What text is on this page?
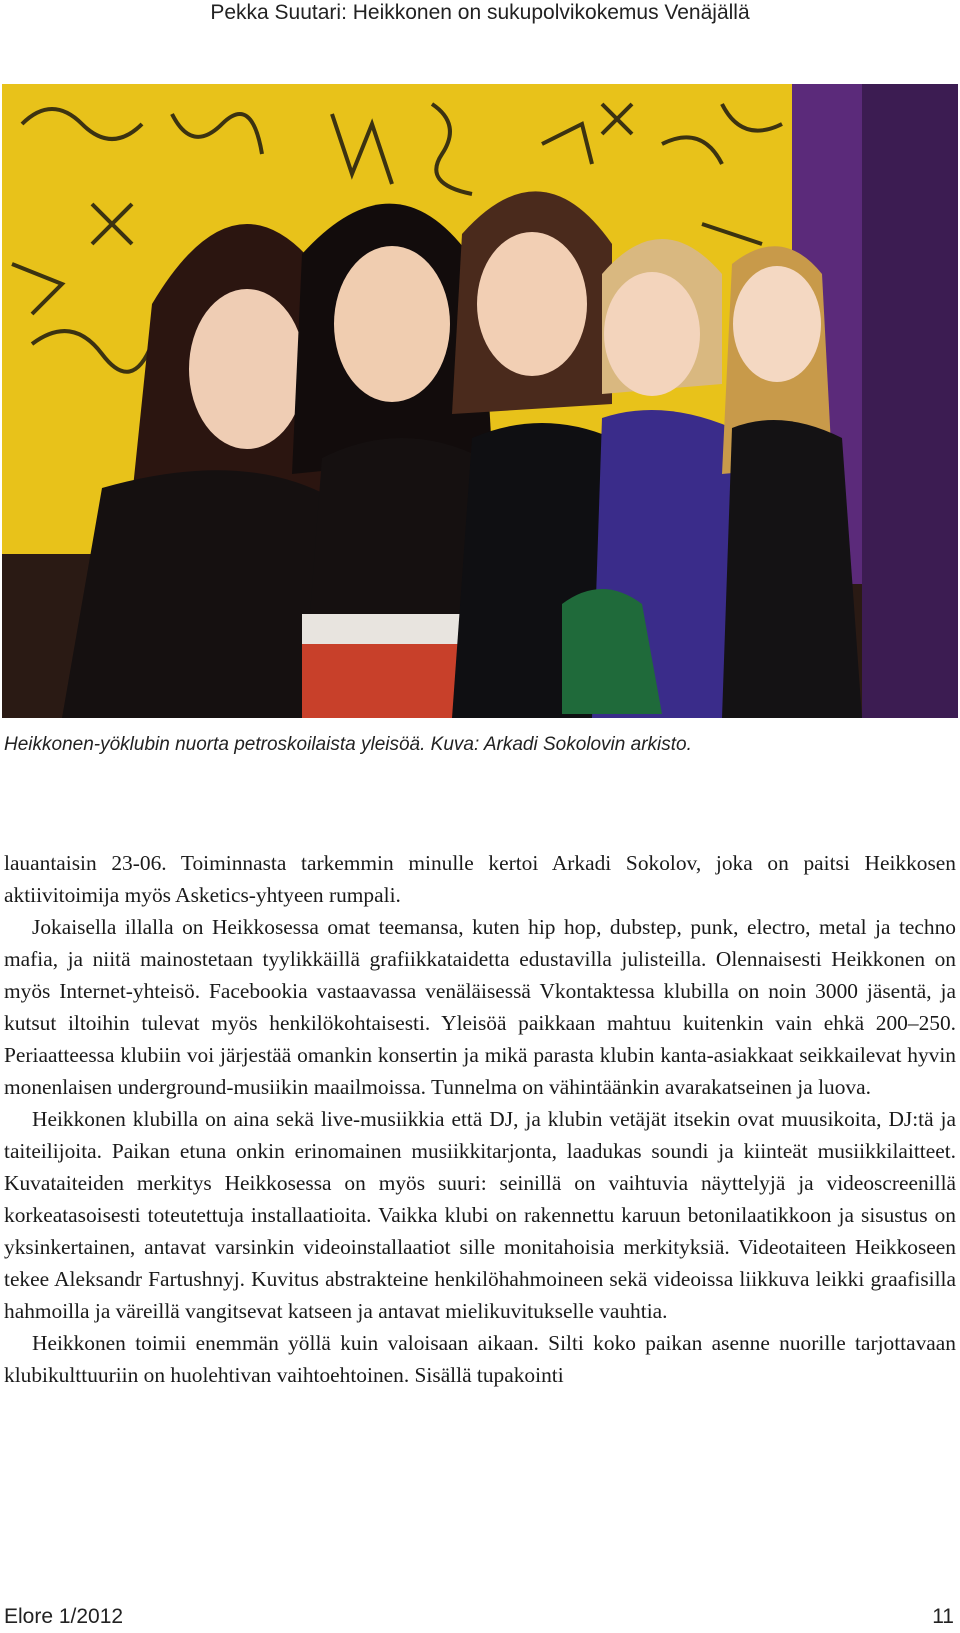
Pekka Suutari: Heikkonen on sukupolvikokemus Venäjällä
Heikkonen-yöklubin nuorta petroskoilaista yleisöä. Kuva: Arkadi Sokolovin arkisto.

lauantaisin 23-06. Toiminnasta tarkemmin minulle kertoi Arkadi Sokolov, joka on paitsi Heikkosen aktiivitoimija myös Asketics-yhtyeen rumpali.

Jokaisella illalla on Heikkosessa omat teemansa, kuten hip hop, dubstep, punk, electro, metal ja techno mafia, ja niitä mainostetaan tyylikkäillä grafiikkataidetta edustavilla julisteilla. Olennaisesti Heikkonen on myös Internet-yhteisö. Facebookia vastaavassa venäläisessä Vkontaktessa klubilla on noin 3000 jäsentä, ja kutsut iltoihin tulevat myös henkilökohtaisesti. Yleisöä paikkaan mahtuu kuitenkin vain ehkä 200–250. Periaatteessa klubiin voi järjestää omankin konsertin ja mikä parasta klubin kanta-asiakkaat seikkailevat hyvin monenlaisen underground-musiikin maailmoissa. Tunnelma on vähintäänkin avarakatseinen ja luova.

Heikkonen klubilla on aina sekä live-musiikkia että DJ, ja klubin vetäjät itsekin ovat muusikoita, DJ:tä ja taiteilijoita. Paikan etuna onkin erinomainen musiikkitarjonta, laadukas soundi ja kiinteät musiikkilaitteet. Kuvataiteiden merkitys Heikkosessa on myös suuri: seinillä on vaihtuvia näyttelyjä ja videoscreenillä korkeatasoisesti toteutettuja installaatioita. Vaikka klubi on rakennettu karuun betonilaatikkoon ja sisustus on yksinkertainen, antavat varsinkin videoinstallaatiot sille monitahoisia merkityksiä. Videotaiteen Heikkoseen tekee Aleksandr Fartushnyj. Kuvitus abstrakteine henkilöhahmoineen sekä videoissa liikkuva leikki graafisilla hahmoilla ja väreillä vangitsevat katseen ja antavat mielikuvitukselle vauhtia.

Heikkonen toimii enemmän yöllä kuin valoisaan aikaan. Silti koko paikan asenne nuorille tarjottavaan klubikulttuuriin on huolehtivan vaihtoehtoinen. Sisällä tupakointi

Elore 1/2012	11
